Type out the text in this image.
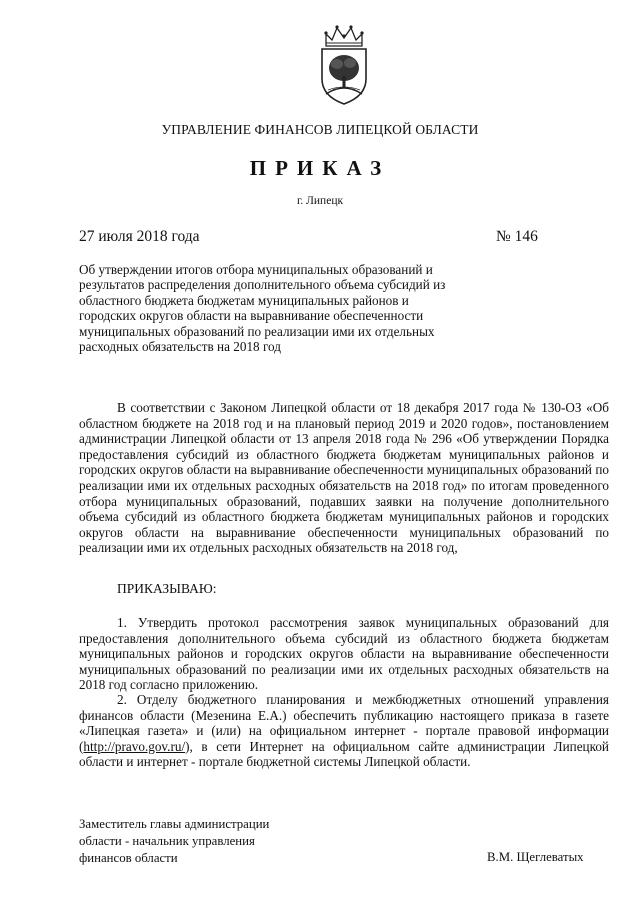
УПРАВЛЕНИЕ ФИНАНСОВ ЛИПЕЦКОЙ ОБЛАСТИ
ПРИКАЗ
г. Липецк
27 июля 2018 года	№ 146
Об утверждении итогов отбора муниципальных образований и результатов распределения дополнительного объема субсидий из областного бюджета бюджетам муниципальных районов и городских округов области на выравнивание обеспеченности муниципальных образований по реализации ими их отдельных расходных обязательств на 2018 год
В соответствии с Законом Липецкой области от 18 декабря 2017 года № 130-ОЗ «Об областном бюджете на 2018 год и на плановый период 2019 и 2020 годов», постановлением администрации Липецкой области от 13 апреля 2018 года № 296 «Об утверждении Порядка предоставления субсидий из областного бюджета бюджетам муниципальных районов и городских округов области на выравнивание обеспеченности муниципальных образований по реализации ими их отдельных расходных обязательств на 2018 год» по итогам проведенного отбора муниципальных образований, подавших заявки на получение дополнительного объема субсидий из областного бюджета бюджетам муниципальных районов и городских округов области на выравнивание обеспеченности муниципальных образований по реализации ими их отдельных расходных обязательств на 2018 год,
ПРИКАЗЫВАЮ:
1. Утвердить протокол рассмотрения заявок муниципальных образований для предоставления дополнительного объема субсидий из областного бюджета бюджетам муниципальных районов и городских округов области на выравнивание обеспеченности муниципальных образований по реализации ими их отдельных расходных обязательств на 2018 год согласно приложению.
2. Отделу бюджетного планирования и межбюджетных отношений управления финансов области (Мезенина Е.А.) обеспечить публикацию настоящего приказа в газете «Липецкая газета» и (или) на официальном интернет - портале правовой информации (http://pravo.gov.ru/), в сети Интернет на официальном сайте администрации Липецкой области и интернет - портале бюджетной системы Липецкой области.
Заместитель главы администрации
области - начальник управления
финансов области	В.М. Щеглеватых
